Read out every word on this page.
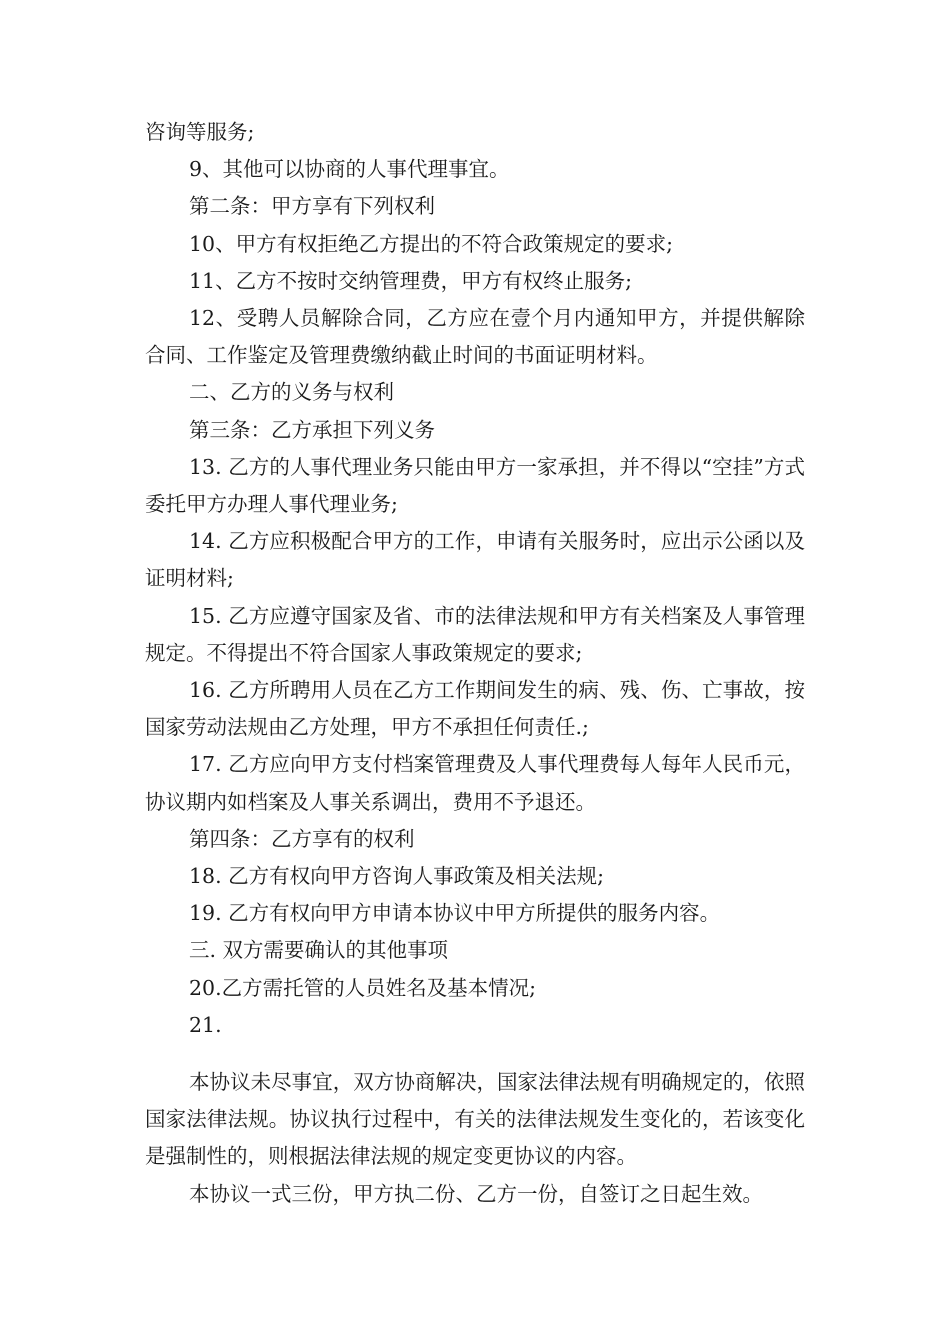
咨询等服务;

9、其他可以协商的人事代理事宜。

第二条：甲方享有下列权利

10、甲方有权拒绝乙方提出的不符合政策规定的要求;

11、乙方不按时交纳管理费，甲方有权终止服务;

12、受聘人员解除合同，乙方应在壹个月内通知甲方，并提供解除合同、工作鉴定及管理费缴纳截止时间的书面证明材料。

二、乙方的义务与权利

第三条：乙方承担下列义务

13. 乙方的人事代理业务只能由甲方一家承担，并不得以“空挂”方式委托甲方办理人事代理业务;

14. 乙方应积极配合甲方的工作，申请有关服务时，应出示公函以及证明材料;

15. 乙方应遵守国家及省、市的法律法规和甲方有关档案及人事管理规定。不得提出不符合国家人事政策规定的要求;

16. 乙方所聘用人员在乙方工作期间发生的病、残、伤、亡事故，按国家劳动法规由乙方处理，甲方不承担任何责任.;

17. 乙方应向甲方支付档案管理费及人事代理费每人每年人民币元，协议期内如档案及人事关系调出，费用不予退还。

第四条：乙方享有的权利

18. 乙方有权向甲方咨询人事政策及相关法规;

19. 乙方有权向甲方申请本协议中甲方所提供的服务内容。

三. 双方需要确认的其他事项

20.乙方需托管的人员姓名及基本情况;

21.

本协议未尽事宜，双方协商解决，国家法律法规有明确规定的，依照国家法律法规。协议执行过程中，有关的法律法规发生变化的，若该变化是强制性的，则根据法律法规的规定变更协议的内容。

本协议一式三份，甲方执二份、乙方一份，自签订之日起生效。
